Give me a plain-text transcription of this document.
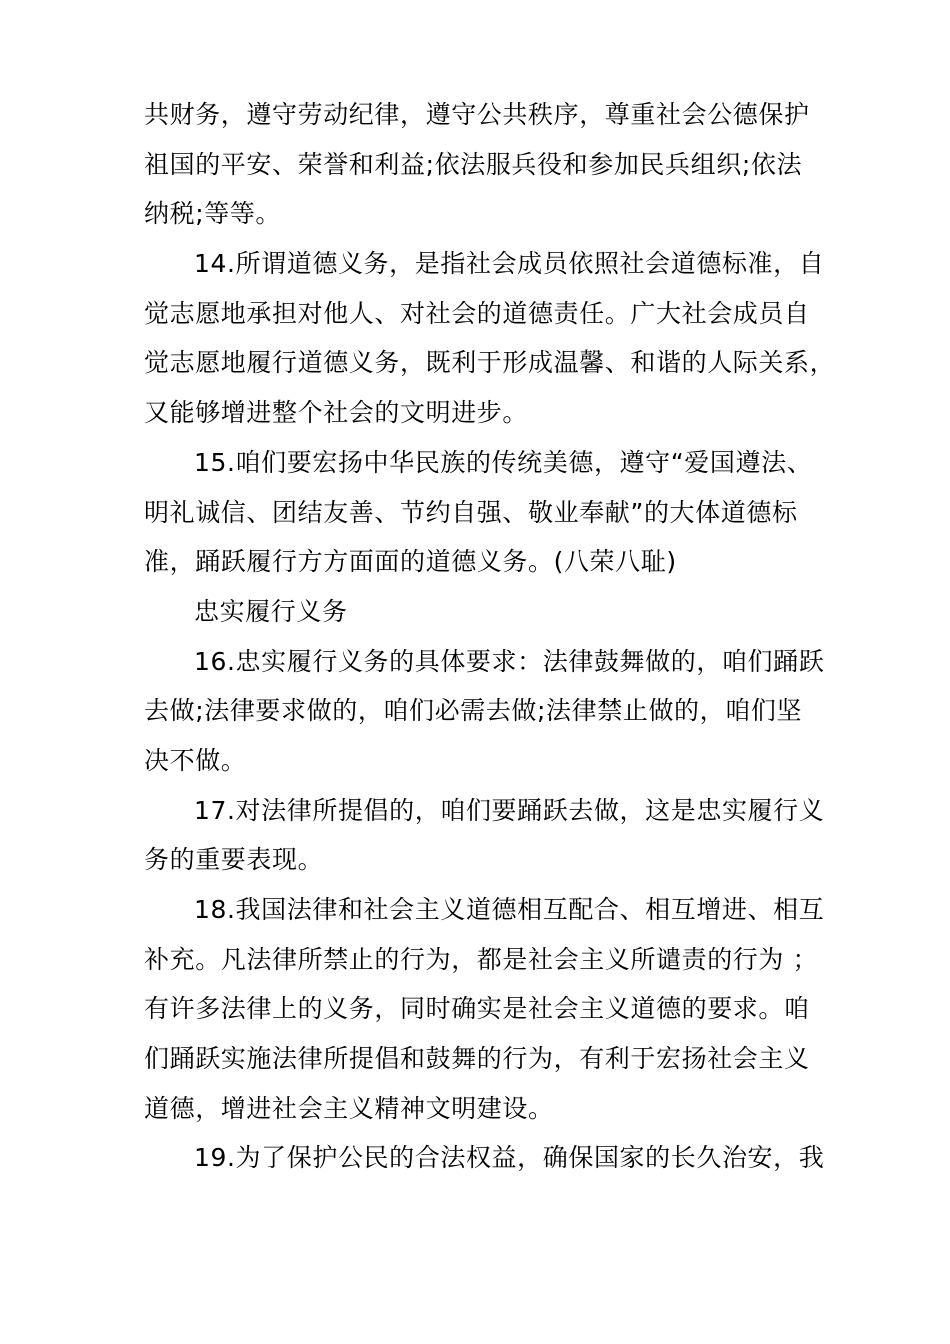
共财务，遵守劳动纪律，遵守公共秩序，尊重社会公德保护
祖国的平安、荣誉和利益;依法服兵役和参加民兵组织;依法
纳税;等等。
14.所谓道德义务，是指社会成员依照社会道德标准，自
觉志愿地承担对他人、对社会的道德责任。广大社会成员自
觉志愿地履行道德义务，既利于形成温馨、和谐的人际关系，
又能够增进整个社会的文明进步。
15.咱们要宏扬中华民族的传统美德，遵守“爱国遵法、
明礼诚信、团结友善、节约自强、敬业奉献”的大体道德标
准，踊跃履行方方面面的道德义务。(八荣八耻)
忠实履行义务
16.忠实履行义务的具体要求：法律鼓舞做的，咱们踊跃
去做;法律要求做的，咱们必需去做;法律禁止做的，咱们坚
决不做。
17.对法律所提倡的，咱们要踊跃去做，这是忠实履行义
务的重要表现。
18.我国法律和社会主义道德相互配合、相互增进、相互
补充。凡法律所禁止的行为，都是社会主义所谴责的行为 ；
有许多法律上的义务，同时确实是社会主义道德的要求。咱
们踊跃实施法律所提倡和鼓舞的行为，有利于宏扬社会主义
道德，增进社会主义精神文明建设。
19.为了保护公民的合法权益，确保国家的长久治安，我
